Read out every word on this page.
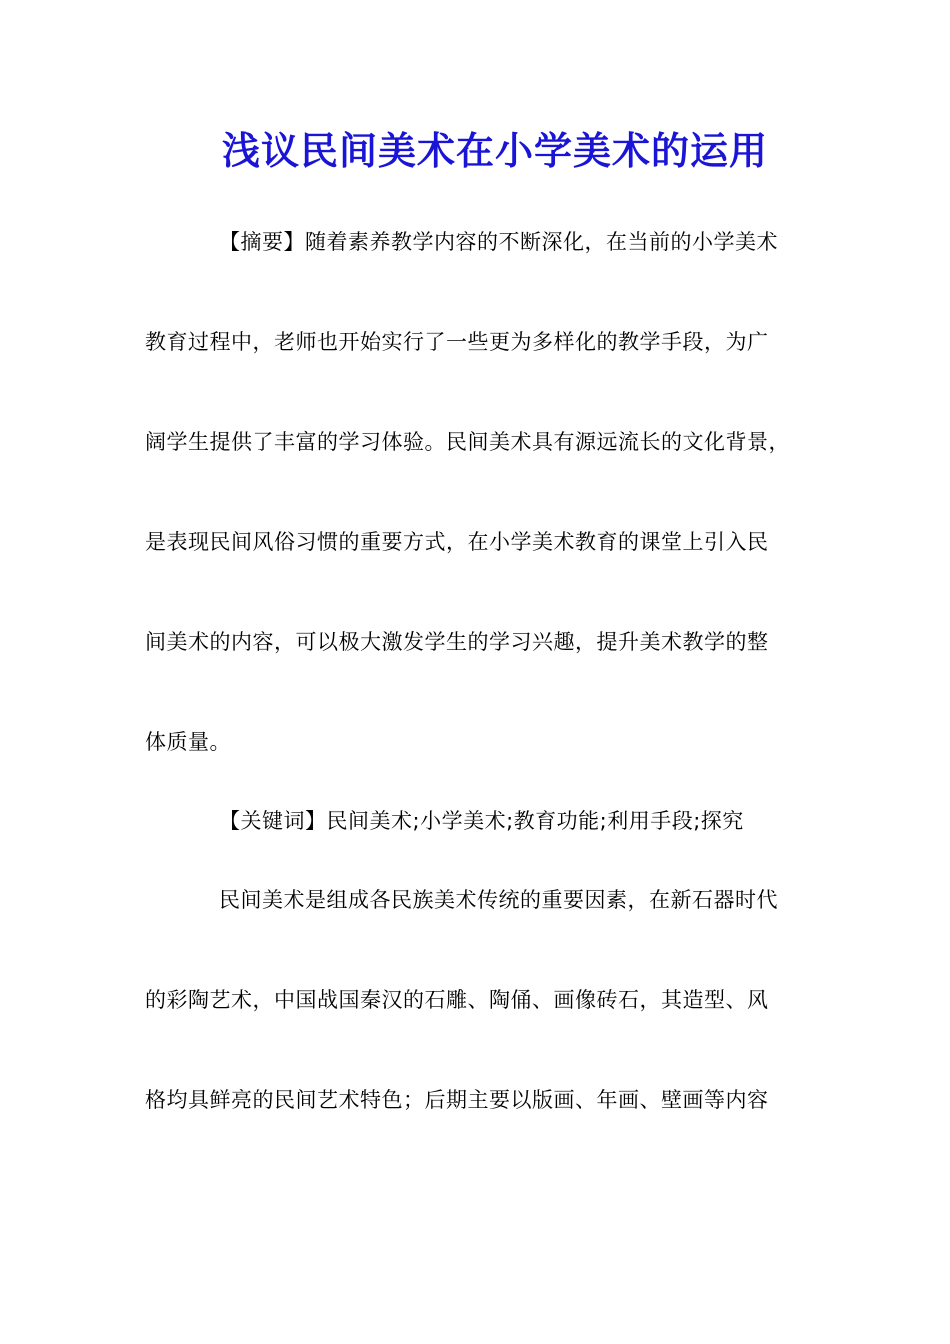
浅议民间美术在小学美术的运用
【摘要】随着素养教学内容的不断深化，在当前的小学美术
教育过程中，老师也开始实行了一些更为多样化的教学手段，为广
阔学生提供了丰富的学习体验。民间美术具有源远流长的文化背景，
是表现民间风俗习惯的重要方式，在小学美术教育的课堂上引入民
间美术的内容，可以极大激发学生的学习兴趣，提升美术教学的整
体质量。
【关键词】民间美术;小学美术;教育功能;利用手段;探究
民间美术是组成各民族美术传统的重要因素，在新石器时代
的彩陶艺术，中国战国秦汉的石雕、陶俑、画像砖石，其造型、风
格均具鲜亮的民间艺术特色；后期主要以版画、年画、壁画等内容
